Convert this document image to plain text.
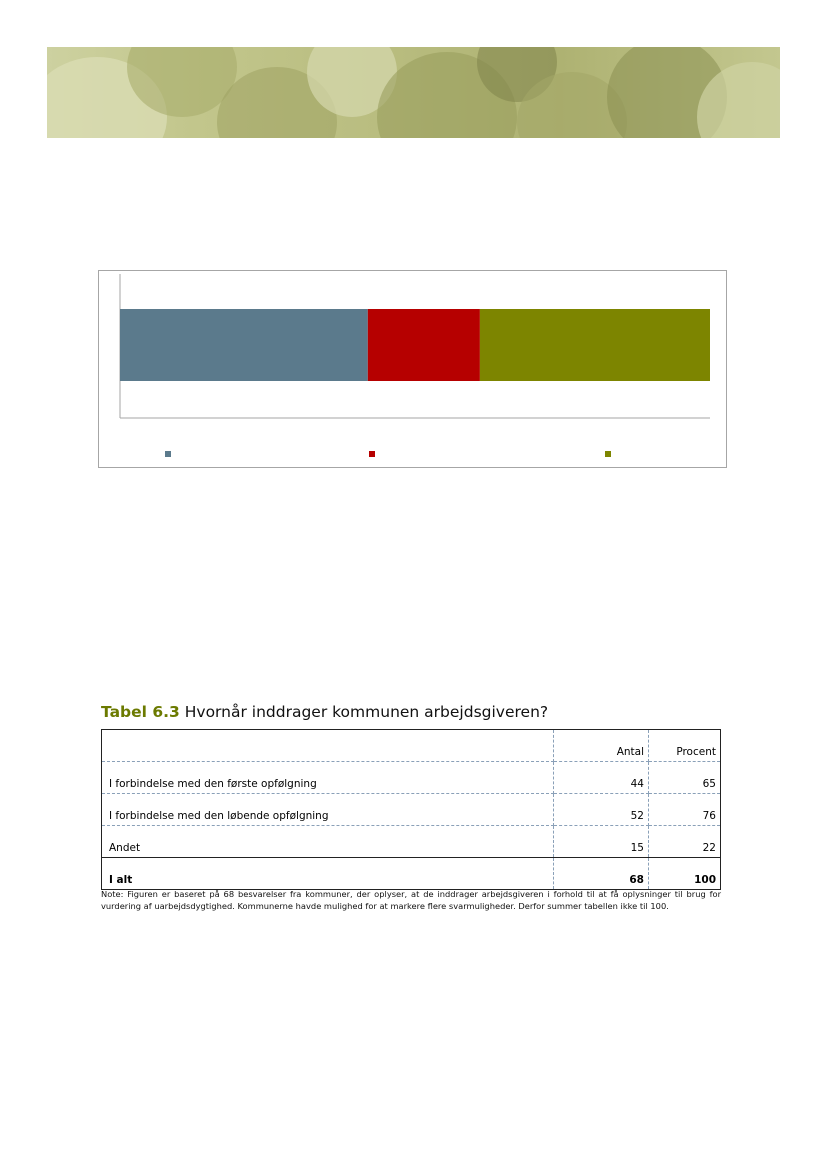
Tabel 6.3 Hvornår inddrager kommunen arbejdsgiveren?
	Antal	Procent
I forbindelse med den første opfølgning	44	65
I forbindelse med den løbende opfølgning	52	76
Andet	15	22
I alt	68	100
Note: Figuren er baseret på 68 besvarelser fra kommuner, der oplyser, at de inddrager arbejdsgiveren i forhold til at få oplysninger til brug for vurdering af uarbejdsdygtighed. Kommunerne havde mulighed for at markere flere svarmuligheder. Derfor summer tabellen ikke til 100.
